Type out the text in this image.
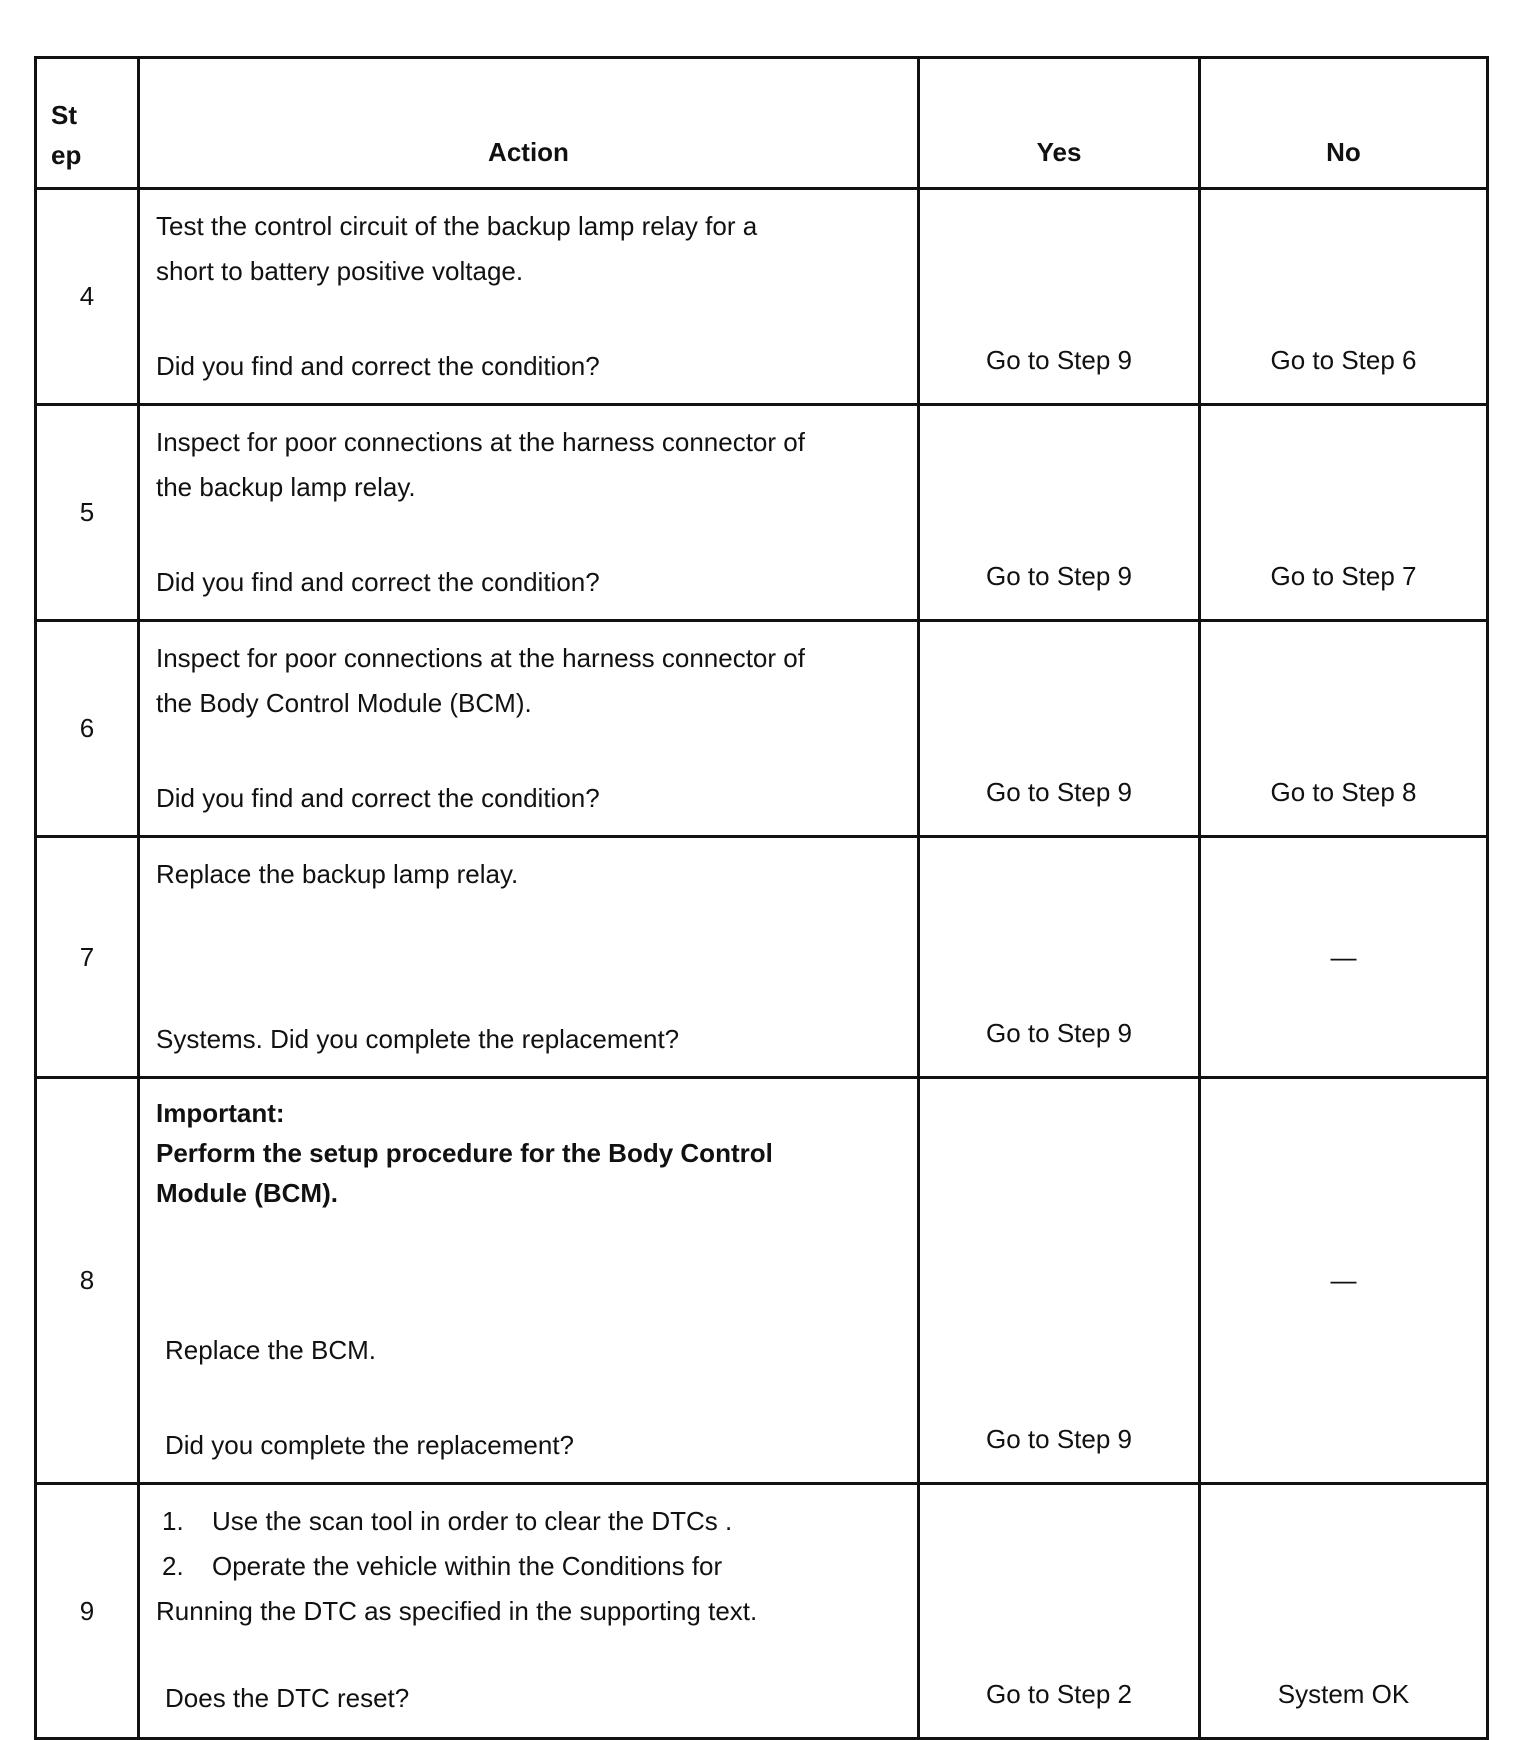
St
ep	Action	Yes	No
4	Test the control circuit of the backup lamp relay for a
short to battery positive voltage.
Did you find and correct the condition?	Go to Step 9	Go to Step 6
5	Inspect for poor connections at the harness connector of
the backup lamp relay.
Did you find and correct the condition?	Go to Step 9	Go to Step 7
6	Inspect for poor connections at the harness connector of
the Body Control Module (BCM).
Did you find and correct the condition?	Go to Step 9	Go to Step 8
7	Replace the backup lamp relay.
Systems. Did you complete the replacement?	Go to Step 9	—
8	Important:
Perform the setup procedure for the Body Control
Module (BCM).
Replace the BCM.
Did you complete the replacement?	Go to Step 9	—
9	1. Use the scan tool in order to clear the DTCs .
2. Operate the vehicle within the Conditions for
Running the DTC as specified in the supporting text.
Does the DTC reset?	Go to Step 2	System OK
